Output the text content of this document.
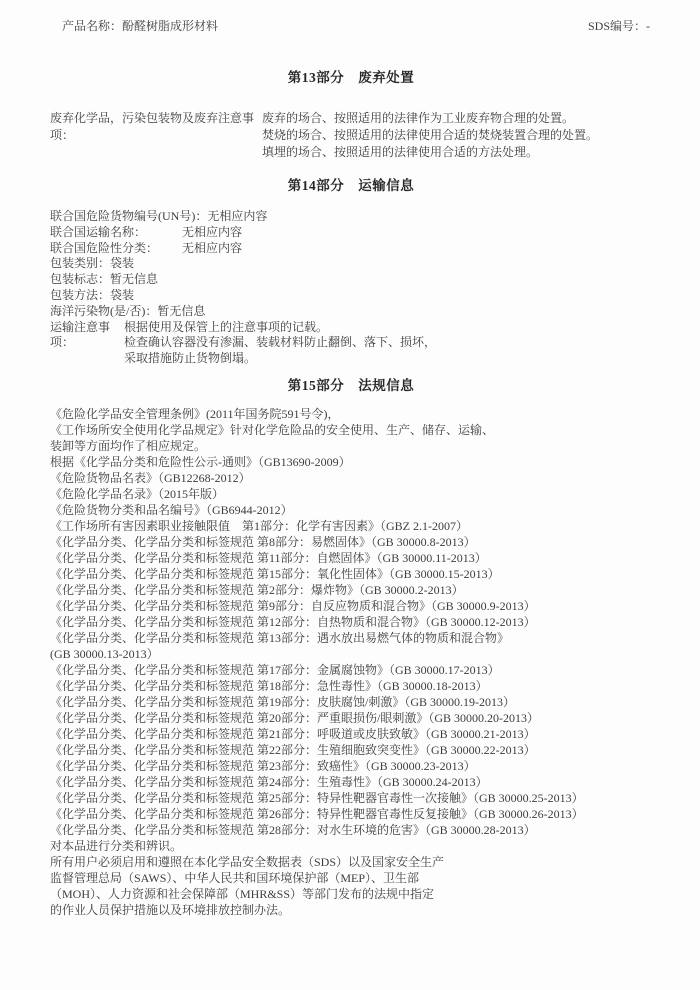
产品名称：酚醛树脂成形材料	SDS编号：-
第13部分　废弃处置
废弃化学品，污染包装物及废弃注意事项：
废弃的场合、按照适用的法律作为工业废弃物合理的处置。
焚烧的场合、按照适用的法律使用合适的焚烧装置合理的处置。
填埋的场合、按照适用的法律使用合适的方法处理。
第14部分　运输信息
联合国危险货物编号(UN号)： 无相应内容
联合国运输名称：	无相应内容
联合国危险性分类：	无相应内容
包装类别： 袋装
包装标志： 暂无信息
包装方法： 袋装
海洋污染物(是/否)： 暂无信息
运输注意事项：
根据使用及保管上的注意事项的记载。
检查确认容器没有渗漏、装载材料防止翻倒、落下、损坏，
采取措施防止货物倒塌。
第15部分　法规信息
《危险化学品安全管理条例》(2011年国务院591号令)，
《工作场所安全使用化学品规定》针对化学危险品的安全使用、生产、储存、运输、
装卸等方面均作了相应规定。
根据《化学品分类和危险性公示-通则》（GB13690-2009）
《危险货物品名表》（GB12268-2012）
《危险化学品名录》（2015年版）
《危险货物分类和品名编号》（GB6944-2012）
《工作场所有害因素职业接触限值　第1部分：化学有害因素》（GBZ 2.1-2007）
《化学品分类、化学品分类和标签规范 第8部分：易燃固体》（GB 30000.8-2013）
《化学品分类、化学品分类和标签规范 第11部分：自燃固体》（GB 30000.11-2013）
《化学品分类、化学品分类和标签规范 第15部分：氧化性固体》（GB 30000.15-2013）
《化学品分类、化学品分类和标签规范 第2部分：爆炸物》（GB 30000.2-2013）
《化学品分类、化学品分类和标签规范 第9部分：自反应物质和混合物》（GB 30000.9-2013）
《化学品分类、化学品分类和标签规范 第12部分：自热物质和混合物》（GB 30000.12-2013）
《化学品分类、化学品分类和标签规范 第13部分：遇水放出易燃气体的物质和混合物》
(GB 30000.13-2013）
《化学品分类、化学品分类和标签规范 第17部分：金属腐蚀物》（GB 30000.17-2013）
《化学品分类、化学品分类和标签规范 第18部分：急性毒性》（GB 30000.18-2013）
《化学品分类、化学品分类和标签规范 第19部分：皮肤腐蚀/刺激》（GB 30000.19-2013）
《化学品分类、化学品分类和标签规范 第20部分：严重眼损伤/眼刺激》（GB 30000.20-2013）
《化学品分类、化学品分类和标签规范 第21部分：呼吸道或皮肤致敏》（GB 30000.21-2013）
《化学品分类、化学品分类和标签规范 第22部分：生殖细胞致突变性》（GB 30000.22-2013）
《化学品分类、化学品分类和标签规范 第23部分：致癌性》（GB 30000.23-2013）
《化学品分类、化学品分类和标签规范 第24部分：生殖毒性》（GB 30000.24-2013）
《化学品分类、化学品分类和标签规范 第25部分：特异性靶器官毒性一次接触》（GB 30000.25-2013）
《化学品分类、化学品分类和标签规范 第26部分：特异性靶器官毒性反复接触》（GB 30000.26-2013）
《化学品分类、化学品分类和标签规范 第28部分：对水生环境的危害》（GB 30000.28-2013）
对本品进行分类和辨识。
所有用户必须启用和遵照在本化学品安全数据表（SDS）以及国家安全生产
监督管理总局（SAWS）、中华人民共和国环境保护部（MEP）、卫生部
（MOH）、人力资源和社会保障部（MHR&SS）等部门发布的法规中指定
的作业人员保护措施以及环境排放控制办法。
